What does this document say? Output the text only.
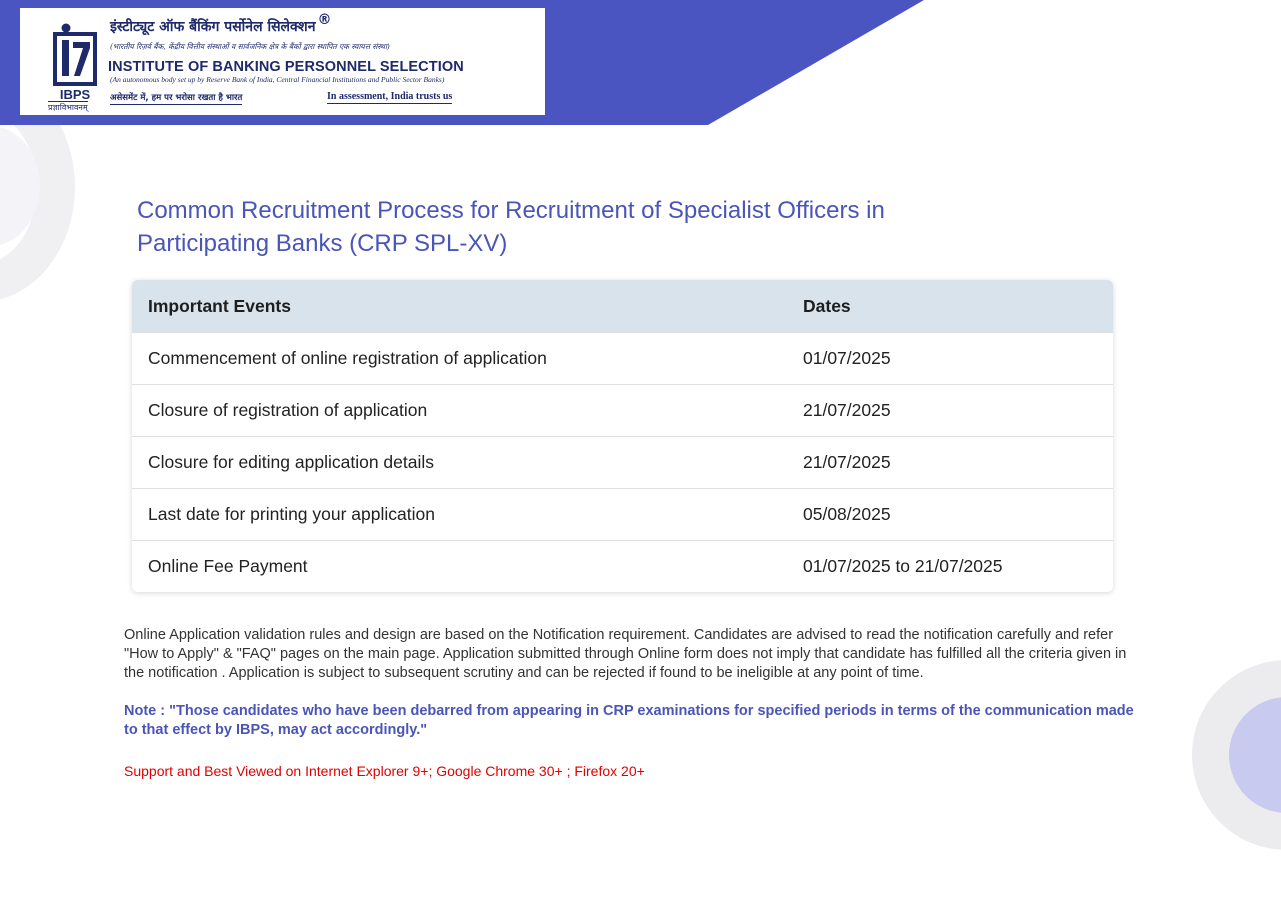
IBPS
प्रज्ञाविभावनम्
इंस्टीट्यूट ऑफ बैंकिंग पर्सोनेल सिलेक्शन ®
(भारतीय रिज़र्व बैंक, केंद्रीय वित्तीय संस्थाओं व सार्वजनिक क्षेत्र के बैंकों द्वारा स्थापित एक स्वायत्त संस्था)
INSTITUTE OF BANKING PERSONNEL SELECTION
(An autonomous body set up by Reserve Bank of India, Central Financial Institutions and Public Sector Banks)
असेसमेंट में, हम पर भरोसा रखता है भारत	In assessment, India trusts us
Common Recruitment Process for Recruitment of Specialist Officers in Participating Banks (CRP SPL-XV)
Important Events	Dates
Commencement of online registration of application	01/07/2025
Closure of registration of application	21/07/2025
Closure for editing application details	21/07/2025
Last date for printing your application	05/08/2025
Online Fee Payment	01/07/2025 to 21/07/2025

Online Application validation rules and design are based on the Notification requirement. Candidates are advised to read the notification carefully and refer "How to Apply" & "FAQ" pages on the main page. Application submitted through Online form does not imply that candidate has fulfilled all the criteria given in the notification . Application is subject to subsequent scrutiny and can be rejected if found to be ineligible at any point of time.

Note : "Those candidates who have been debarred from appearing in CRP examinations for specified periods in terms of the communication made to that effect by IBPS, may act accordingly."

Support and Best Viewed on Internet Explorer 9+; Google Chrome 30+ ; Firefox 20+
